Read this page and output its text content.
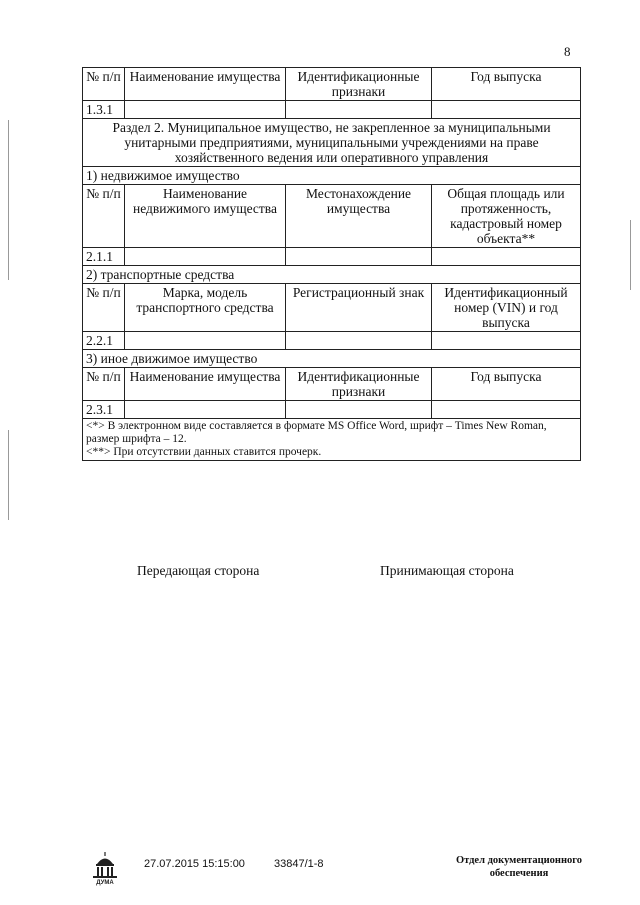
8
№ п/п	Наименование имущества	Идентификационные признаки	Год выпуска
1.3.1			
Раздел 2. Муниципальное имущество, не закрепленное за муниципальными унитарными предприятиями, муниципальными учреждениями на праве хозяйственного ведения или оперативного управления			
1) недвижимое имущество			
№ п/п	Наименование недвижимого имущества	Местонахождение имущества	Общая площадь или протяженность, кадастровый номер объекта**
2.1.1			
2) транспортные средства			
№ п/п	Марка, модель транспортного средства	Регистрационный знак	Идентификационный номер (VIN) и год выпуска
2.2.1			
3) иное движимое имущество			
№ п/п	Наименование имущества	Идентификационные признаки	Год выпуска
2.3.1			

<*> В электронном виде составляется в формате MS Office Word, шрифт – Times New Roman, размер шрифта – 12.
<**> При отсутствии данных ставится прочерк.			
Передающая сторона	Принимающая сторона
ДУМА
27.07.2015 15:15:00	33847/1-8	Отдел документационного обеспечения
